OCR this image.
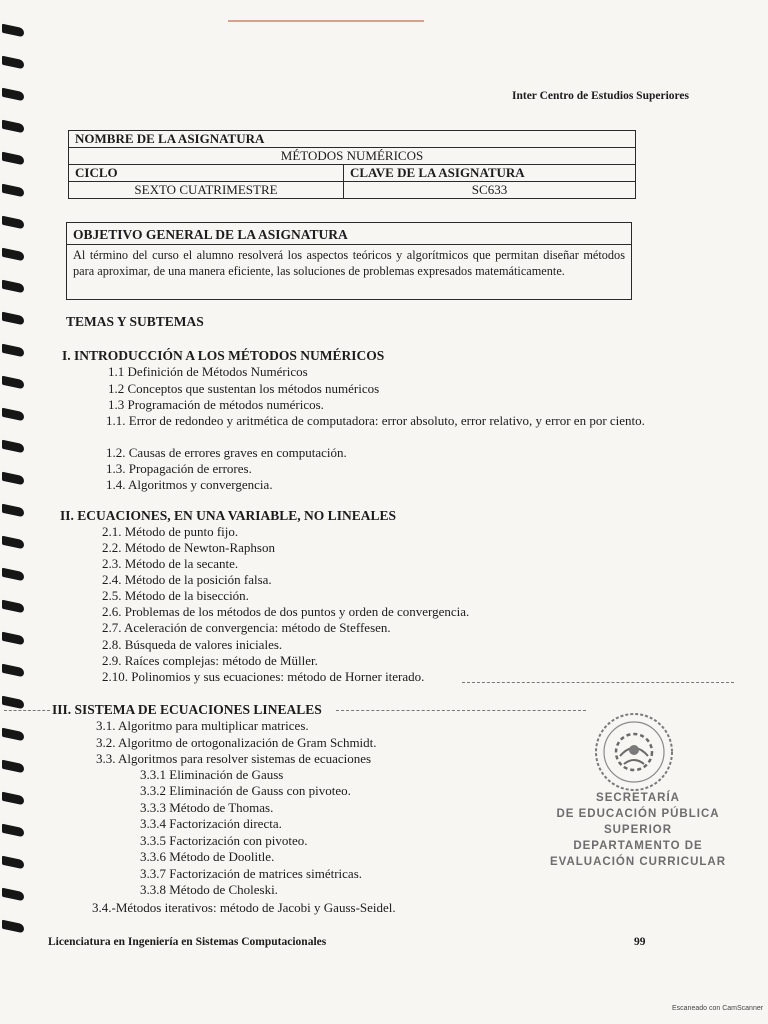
Inter Centro de Estudios Superiores
NOMBRE DE LA ASIGNATURA	
MÉTODOS NUMÉRICOS	
CICLO	CLAVE DE LA ASIGNATURA
SEXTO CUATRIMESTRE	SC633
OBJETIVO GENERAL DE LA ASIGNATURA
Al término del curso el alumno resolverá los aspectos teóricos y algorítmicos que permitan diseñar métodos para aproximar, de una manera eficiente, las soluciones de problemas expresados matemáticamente.
TEMAS Y SUBTEMAS
I. INTRODUCCIÓN A LOS MÉTODOS NUMÉRICOS
1.1 Definición de Métodos Numéricos
1.2 Conceptos que sustentan los métodos numéricos
1.3 Programación de métodos numéricos.
1.1. Error de redondeo y aritmética de computadora: error absoluto, error relativo, y error en por ciento.
1.2. Causas de errores graves en computación.
1.3. Propagación de errores.
1.4. Algoritmos y convergencia.
II. ECUACIONES, EN UNA VARIABLE, NO LINEALES
2.1. Método de punto fijo.
2.2. Método de Newton-Raphson
2.3. Método de la secante.
2.4. Método de la posición falsa.
2.5. Método de la bisección.
2.6. Problemas de los métodos de dos puntos y orden de convergencia.
2.7. Aceleración de convergencia: método de Steffesen.
2.8. Búsqueda de valores iniciales.
2.9. Raíces complejas: método de Müller.
2.10. Polinomios y sus ecuaciones: método de Horner iterado.
III. SISTEMA DE ECUACIONES LINEALES
3.1. Algoritmo para multiplicar matrices.
3.2. Algoritmo de ortogonalización de Gram Schmidt.
3.3. Algoritmos para resolver sistemas de ecuaciones
3.3.1 Eliminación de Gauss
3.3.2 Eliminación de Gauss con pivoteo.
3.3.3 Método de Thomas.
3.3.4 Factorización directa.
3.3.5 Factorización con pivoteo.
3.3.6 Método de Doolitle.
3.3.7 Factorización de matrices simétricas.
3.3.8 Método de Choleski.
3.4.-Métodos iterativos: método de Jacobi y Gauss-Seidel.
SECRETARÍA
DE EDUCACIÓN PÚBLICA
SUPERIOR
DEPARTAMENTO DE
EVALUACIÓN CURRICULAR
Licenciatura en Ingeniería en Sistemas Computacionales	99
Escaneado con CamScanner
